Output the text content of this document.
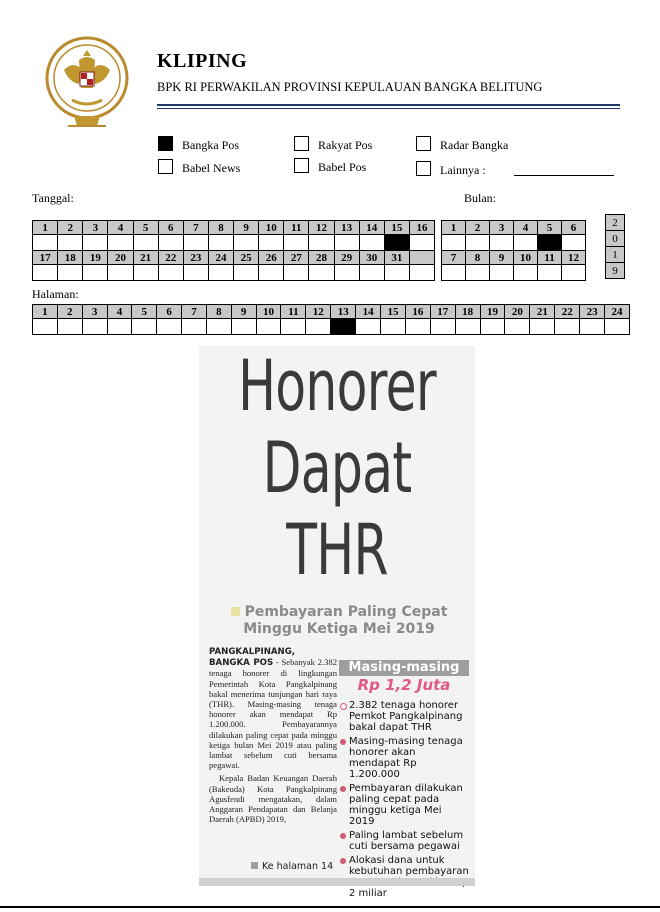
KLIPING
BPK RI PERWAKILAN PROVINSI KEPULAUAN BANGKA BELITUNG
Bangka Pos	Rakyat Pos	Radar Bangka
Babel News	Babel Pos	Lainnya :
Tanggal:	Bulan:
1	2	3	4	5	6	7	8	9	10	11	12	13	14	15	16

17	18	19	20	21	22	23	24	25	26	27	28	29	30	31	

1	2	3	4	5	6

7	8	9	10	11	12

2
0
1
9
Halaman:
1	2	3	4	5	6	7	8	9	10	11	12	13	14	15	16	17	18	19	20	21	22	23	24

Honorer
Dapat
THR
Pembayaran Paling Cepat
Minggu Ketiga Mei 2019

PANGKALPINANG, BANGKA POS - Sebanyak 2.382 tenaga honorer di lingkungan Pemerintah Kota Pangkalpinang bakal menerima tunjungan hari raya (THR). Masing-masing tenaga honorer akan mendapat Rp 1.200.000. Pembayarannya dilakukan paling cepat pada minggu ketiga bulan Mei 2019 atau paling lambat sebelum cuti bersama pegawai.

Kepala Badan Keuangan Daerah (Bakeuda) Kota Pangkalpinang Agusfendi mengatakan, dalam Anggaran Pendapatan dan Belanja Daerah (APBD) 2019,

Masing-masing
Rp 1,2 Juta
2.382 tenaga honorer Pemkot Pangkalpinang bakal dapat THR
Masing-masing tenaga honorer akan mendapat Rp 1.200.000
Pembayaran dilakukan paling cepat pada minggu ketiga Mei 2019
Paling lambat sebelum cuti bersama pegawai
Alokasi dana untuk kebutuhan pembayaran 2 miliar
Ke halaman 14
